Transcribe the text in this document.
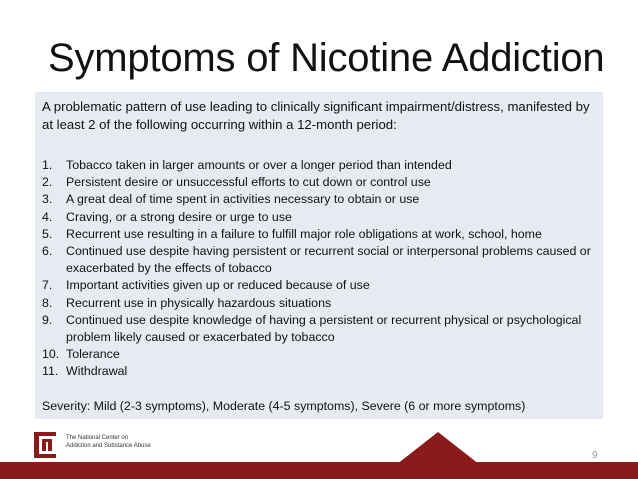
Symptoms of Nicotine Addiction
A problematic pattern of use leading to clinically significant impairment/distress, manifested by at least 2 of the following occurring within a 12-month period:
1. Tobacco taken in larger amounts or over a longer period than intended
2. Persistent desire or unsuccessful efforts to cut down or control use
3. A great deal of time spent in activities necessary to obtain or use
4. Craving, or a strong desire or urge to use
5. Recurrent use resulting in a failure to fulfill major role obligations at work, school, home
6. Continued use despite having persistent or recurrent social or interpersonal problems caused or exacerbated by the effects of tobacco
7. Important activities given up or reduced because of use
8. Recurrent use in physically hazardous situations
9. Continued use despite knowledge of having a persistent or recurrent physical or psychological problem likely caused or exacerbated by tobacco
10. Tolerance
11. Withdrawal
Severity: Mild (2-3 symptoms), Moderate (4-5 symptoms), Severe (6 or more symptoms)
The National Center on
Addiction and Substance Abuse
9
